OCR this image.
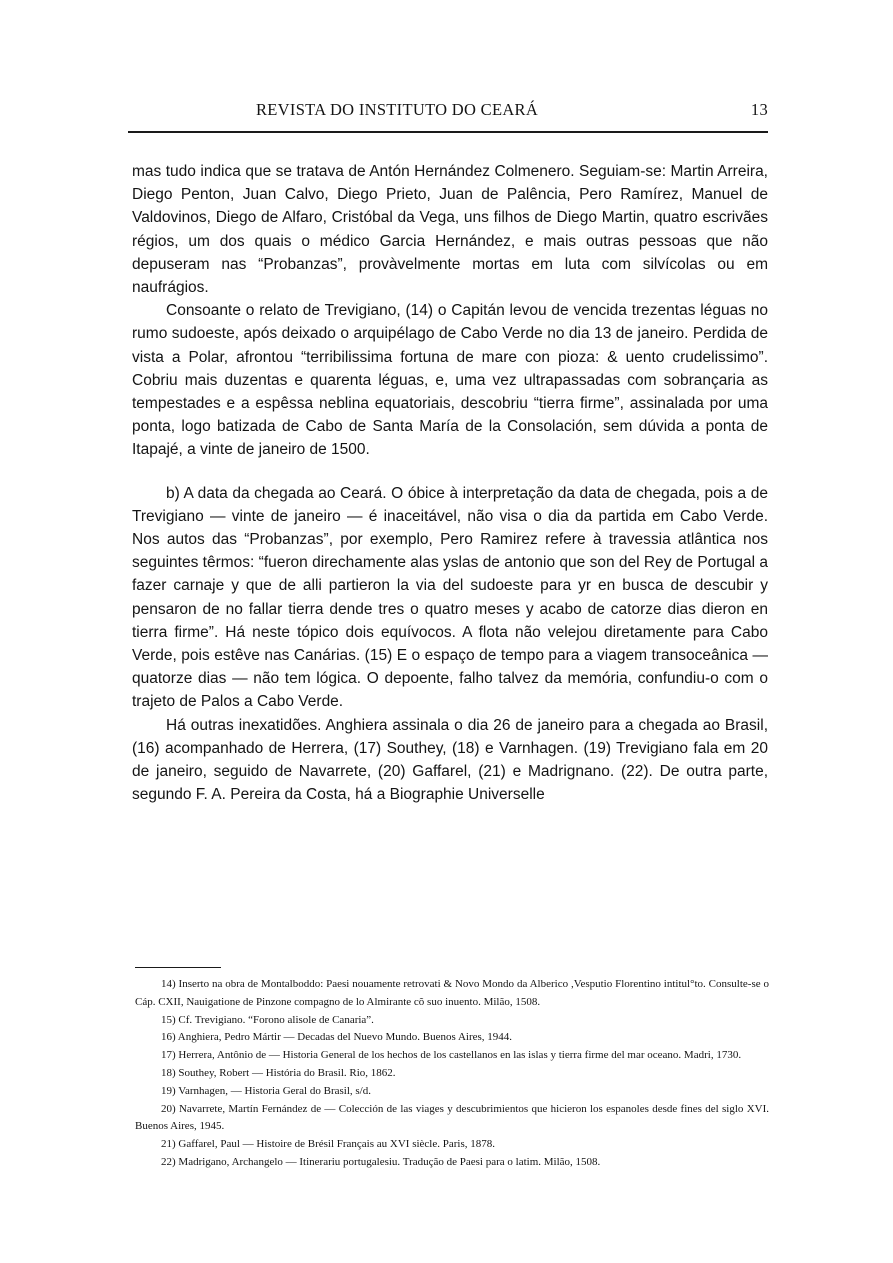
REVISTA DO INSTITUTO DO CEARÁ	13

mas tudo indica que se tratava de Antón Hernández Colmenero. Seguiam-se: Martin Arreira, Diego Penton, Juan Calvo, Diego Prieto, Juan de Palência, Pero Ramírez, Manuel de Valdovinos, Diego de Alfaro, Cristóbal da Vega, uns filhos de Diego Martin, quatro escrivães régios, um dos quais o médico Garcia Hernández, e mais outras pessoas que não depuseram nas “Probanzas”, provàvelmente mortas em luta com silvícolas ou em naufrágios.

Consoante o relato de Trevigiano, (14) o Capitán levou de vencida trezentas léguas no rumo sudoeste, após deixado o arquipélago de Cabo Verde no dia 13 de janeiro. Perdida de vista a Polar, afrontou “terribilissima fortuna de mare con pioza: & uento crudelissimo”. Cobriu mais duzentas e quarenta léguas, e, uma vez ultrapassadas com sobrançaria as tempestades e a espêssa neblina equatoriais, descobriu “tierra firme”, assinalada por uma ponta, logo batizada de Cabo de Santa María de la Consolación, sem dúvida a ponta de Itapajé, a vinte de janeiro de 1500.

b) A data da chegada ao Ceará. O óbice à interpretação da data de chegada, pois a de Trevigiano — vinte de janeiro — é inaceitável, não visa o dia da partida em Cabo Verde. Nos autos das “Probanzas”, por exemplo, Pero Ramirez refere à travessia atlântica nos seguintes têrmos: “fueron direchamente alas yslas de antonio que son del Rey de Portugal a fazer carnaje y que de alli partieron la via del sudoeste para yr en busca de descubir y pensaron de no fallar tierra dende tres o quatro meses y acabo de catorze dias dieron en tierra firme”. Há neste tópico dois equívocos. A flota não velejou diretamente para Cabo Verde, pois estêve nas Canárias. (15) E o espaço de tempo para a viagem transoceânica — quatorze dias — não tem lógica. O depoente, falho talvez da memória, confundiu-o com o trajeto de Palos a Cabo Verde.

Há outras inexatidões. Anghiera assinala o dia 26 de janeiro para a chegada ao Brasil, (16) acompanhado de Herrera, (17) Southey, (18) e Varnhagen. (19) Trevigiano fala em 20 de janeiro, seguido de Navarrete, (20) Gaffarel, (21) e Madrignano. (22). De outra parte, segundo F. A. Pereira da Costa, há a Biographie Universelle

14) Inserto na obra de Montalboddo: Paesi nouamente retrovati & Novo Mondo da Alberico ,Vesputio Florentino intitul°to. Consulte-se o Cáp. CXII, Nauigatione de Pinzone compagno de lo Almirante cõ suo inuento. Milão, 1508.

15) Cf. Trevigiano. “Forono alisole de Canaria”.

16) Anghiera, Pedro Mártir — Decadas del Nuevo Mundo. Buenos Aires, 1944.

17) Herrera, Antônio de — Historia General de los hechos de los castellanos en las islas y tierra firme del mar oceano. Madri, 1730.

18) Southey, Robert — História do Brasil. Rio, 1862.

19) Varnhagen, — Historia Geral do Brasil, s/d.

20) Navarrete, Martín Fernández de — Colección de las viages y descubrimientos que hicieron los espanoles desde fines del siglo XVI. Buenos Aires, 1945.

21) Gaffarel, Paul — Histoire de Brésil Français au XVI siècle. Paris, 1878.

22) Madrigano, Archangelo — Itinerariu portugalesiu. Tradução de Paesi para o latim. Milão, 1508.
